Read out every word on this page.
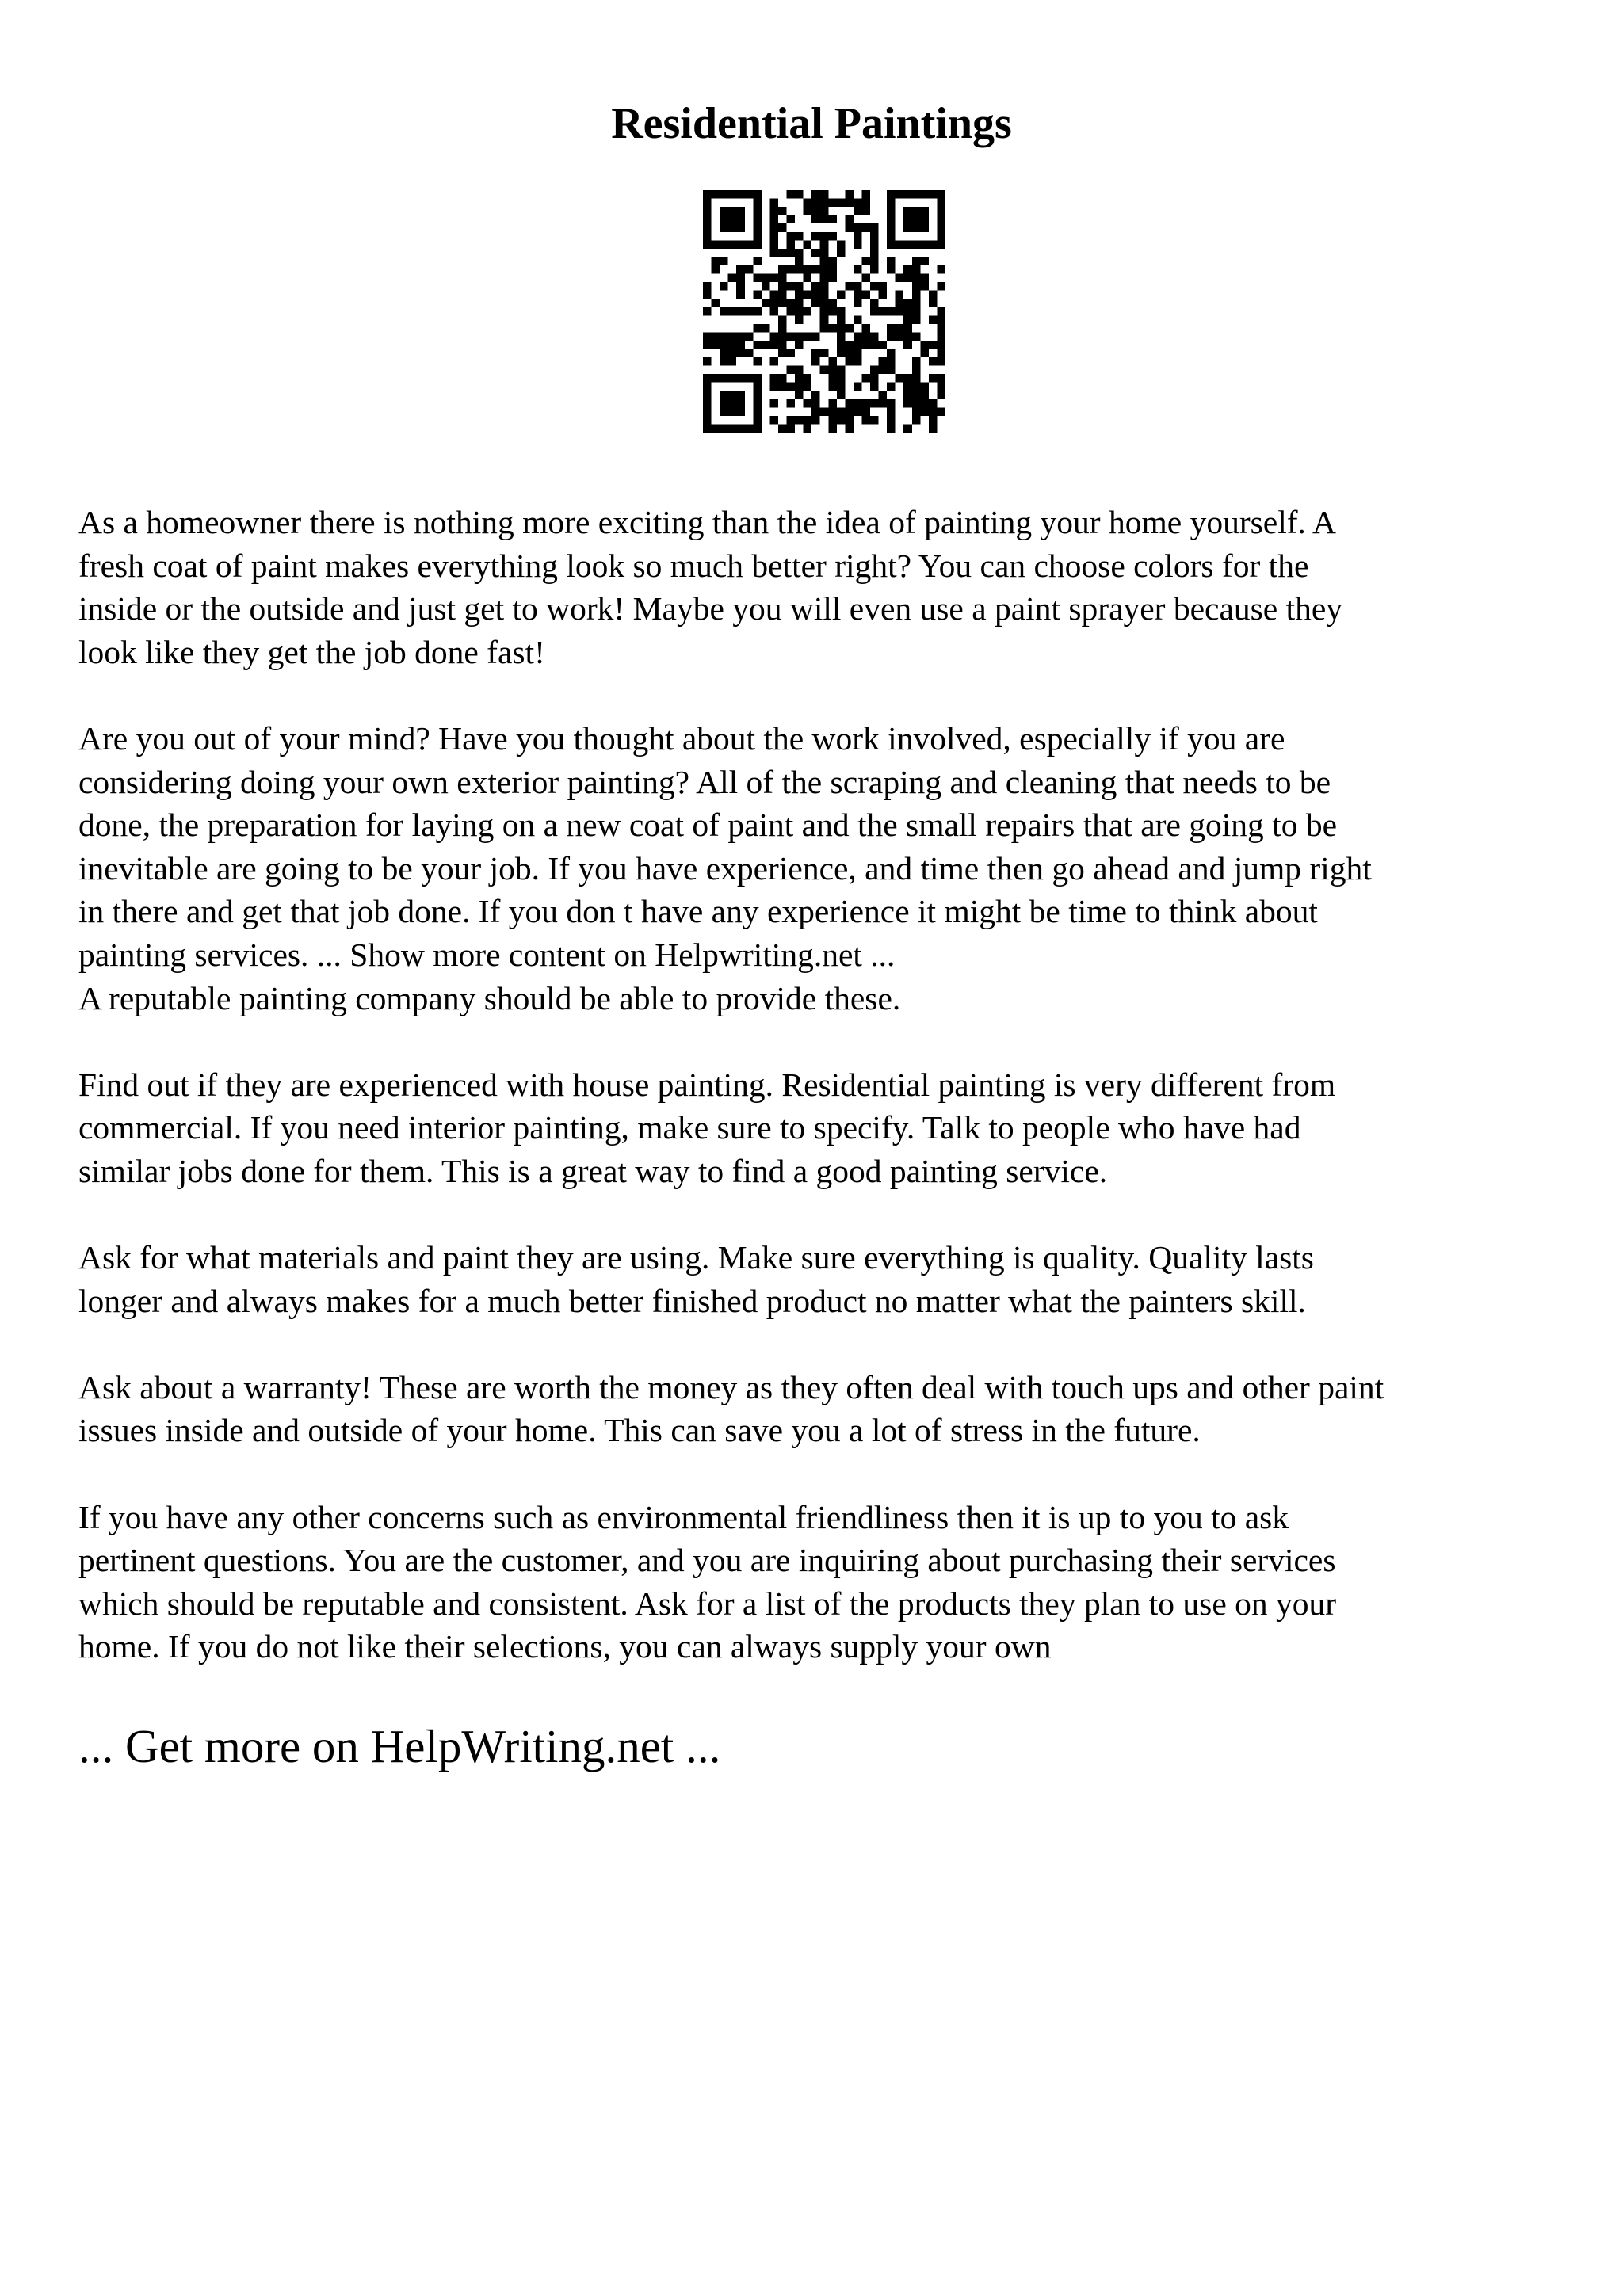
Residential Paintings

As a homeowner there is nothing more exciting than the idea of painting your home yourself. A
fresh coat of paint makes everything look so much better right? You can choose colors for the
inside or the outside and just get to work! Maybe you will even use a paint sprayer because they
look like they get the job done fast!

Are you out of your mind? Have you thought about the work involved, especially if you are
considering doing your own exterior painting? All of the scraping and cleaning that needs to be
done, the preparation for laying on a new coat of paint and the small repairs that are going to be
inevitable are going to be your job. If you have experience, and time then go ahead and jump right
in there and get that job done. If you don t have any experience it might be time to think about
painting services. ... Show more content on Helpwriting.net ...

A reputable painting company should be able to provide these.

Find out if they are experienced with house painting. Residential painting is very different from
commercial. If you need interior painting, make sure to specify. Talk to people who have had
similar jobs done for them. This is a great way to find a good painting service.

Ask for what materials and paint they are using. Make sure everything is quality. Quality lasts
longer and always makes for a much better finished product no matter what the painters skill.

Ask about a warranty! These are worth the money as they often deal with touch ups and other paint
issues inside and outside of your home. This can save you a lot of stress in the future.

If you have any other concerns such as environmental friendliness then it is up to you to ask
pertinent questions. You are the customer, and you are inquiring about purchasing their services
which should be reputable and consistent. Ask for a list of the products they plan to use on your
home. If you do not like their selections, you can always supply your own

... Get more on HelpWriting.net ...
